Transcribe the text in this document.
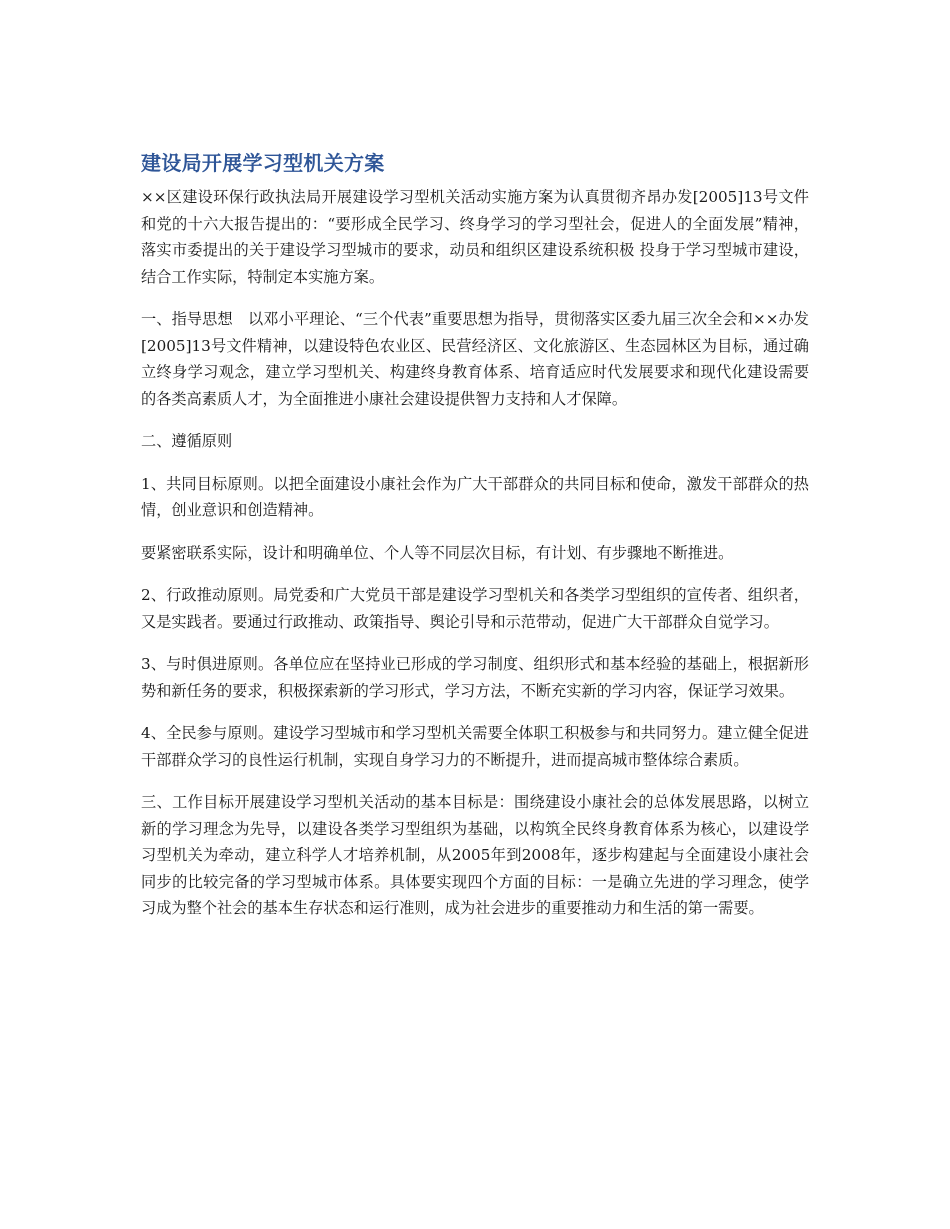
建设局开展学习型机关方案

××区建设环保行政执法局开展建设学习型机关活动实施方案为认真贯彻齐昂办发[2005]13号文件和党的十六大报告提出的：“要形成全民学习、终身学习的学习型社会，促进人的全面发展”精神，落实市委提出的关于建设学习型城市的要求，动员和组织区建设系统积极 投身于学习型城市建设，结合工作实际，特制定本实施方案。

一、指导思想　以邓小平理论、“三个代表”重要思想为指导，贯彻落实区委九届三次全会和××办发[2005]13号文件精神，以建设特色农业区、民营经济区、文化旅游区、生态园林区为目标，通过确立终身学习观念，建立学习型机关、构建终身教育体系、培育适应时代发展要求和现代化建设需要的各类高素质人才，为全面推进小康社会建设提供智力支持和人才保障。

二、遵循原则

1、共同目标原则。以把全面建设小康社会作为广大干部群众的共同目标和使命，激发干部群众的热情，创业意识和创造精神。

要紧密联系实际，设计和明确单位、个人等不同层次目标，有计划、有步骤地不断推进。

2、行政推动原则。局党委和广大党员干部是建设学习型机关和各类学习型组织的宣传者、组织者，又是实践者。要通过行政推动、政策指导、舆论引导和示范带动，促进广大干部群众自觉学习。

3、与时俱进原则。各单位应在坚持业已形成的学习制度、组织形式和基本经验的基础上，根据新形势和新任务的要求，积极探索新的学习形式，学习方法，不断充实新的学习内容，保证学习效果。

4、全民参与原则。建设学习型城市和学习型机关需要全体职工积极参与和共同努力。建立健全促进干部群众学习的良性运行机制，实现自身学习力的不断提升，进而提高城市整体综合素质。

三、工作目标开展建设学习型机关活动的基本目标是：围绕建设小康社会的总体发展思路，以树立新的学习理念为先导，以建设各类学习型组织为基础，以构筑全民终身教育体系为核心，以建设学习型机关为牵动，建立科学人才培养机制，从2005年到2008年，逐步构建起与全面建设小康社会同步的比较完备的学习型城市体系。具体要实现四个方面的目标：一是确立先进的学习理念，使学习成为整个社会的基本生存状态和运行准则，成为社会进步的重要推动力和生活的第一需要。
